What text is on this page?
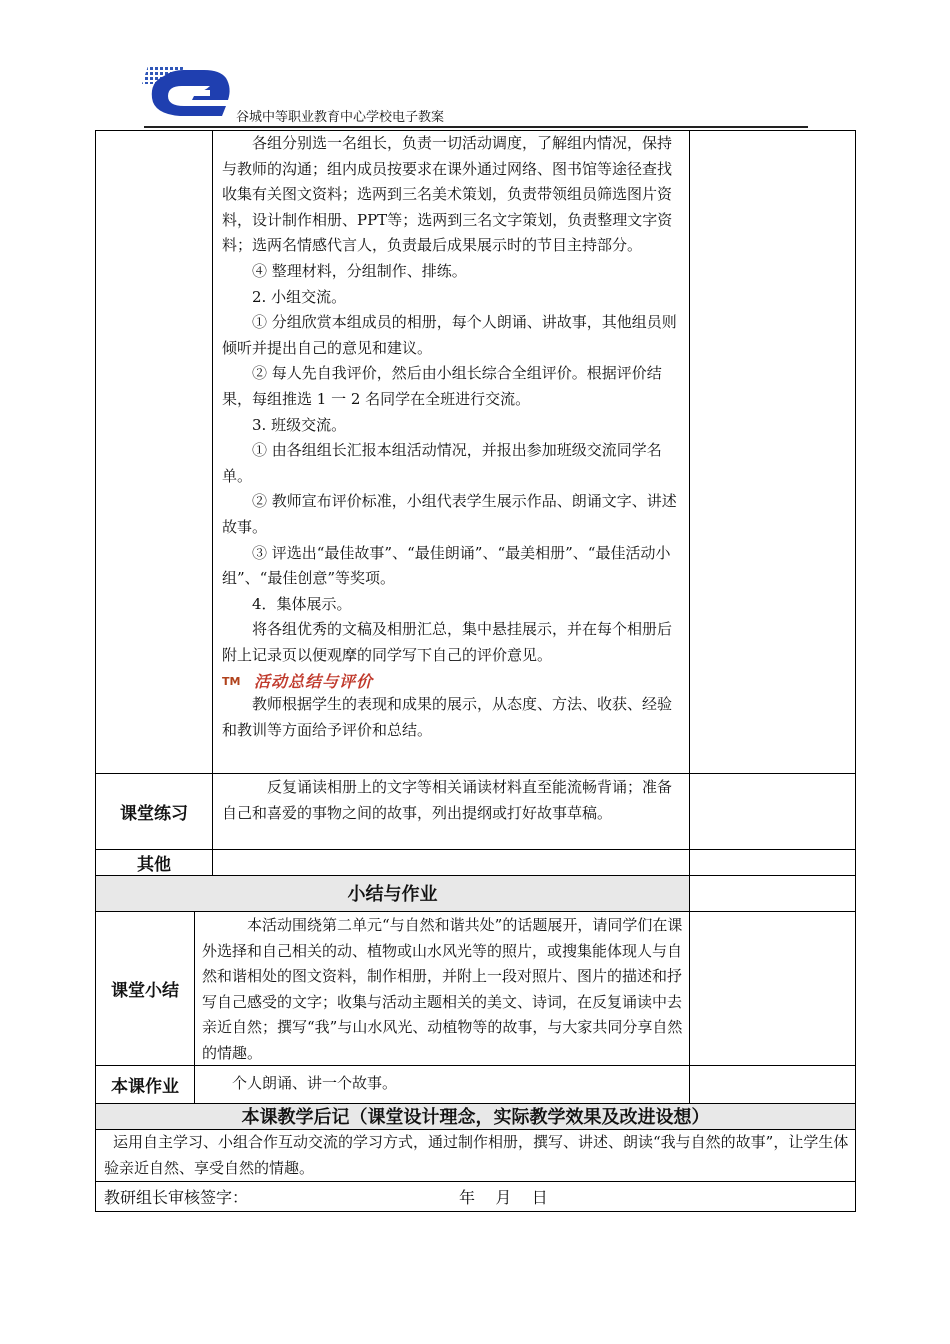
谷城中等职业教育中心学校电子教案

各组分别选一名组长，负责一切活动调度，了解组内情况，保持与教师的沟通；组内成员按要求在课外通过网络、图书馆等途径查找收集有关图文资料；选两到三名美术策划，负责带领组员筛选图片资料，设计制作相册、PPT等；选两到三名文字策划，负责整理文字资料；选两名情感代言人，负责最后成果展示时的节目主持部分。

④ 整理材料，分组制作、排练。

2. 小组交流。

① 分组欣赏本组成员的相册，每个人朗诵、讲故事，其他组员则倾听并提出自己的意见和建议。

② 每人先自我评价，然后由小组长综合全组评价。根据评价结果，每组推选 1 一 2 名同学在全班进行交流。

3. 班级交流。

① 由各组组长汇报本组活动情况，并报出参加班级交流同学名单。

② 教师宣布评价标准，小组代表学生展示作品、朗诵文字、讲述故事。

③ 评选出“最佳故事”、“最佳朗诵”、“最美相册”、“最佳活动小组”、“最佳创意”等奖项。

4．集体展示。

将各组优秀的文稿及相册汇总，集中悬挂展示，并在每个相册后附上记录页以便观摩的同学写下自己的评价意见。

TM 活动总结与评价

教师根据学生的表现和成果的展示，从态度、方法、收获、经验和教训等方面给予评价和总结。

课堂练习

反复诵读相册上的文字等相关诵读材料直至能流畅背诵；准备自己和喜爱的事物之间的故事，列出提纲或打好故事草稿。

其他
小结与作业
课堂小结

本活动围绕第二单元“与自然和谐共处”的话题展开，请同学们在课外选择和自己相关的动、植物或山水风光等的照片，或搜集能体现人与自然和谐相处的图文资料，制作相册，并附上一段对照片、图片的描述和抒写自己感受的文字；收集与活动主题相关的美文、诗词，在反复诵读中去亲近自然；撰写“我”与山水风光、动植物等的故事，与大家共同分享自然的情趣。

本课作业	个人朗诵、讲一个故事。

本课教学后记（课堂设计理念，实际教学效果及改进设想）

运用自主学习、小组合作互动交流的学习方式，通过制作相册，撰写、讲述、朗读“我与自然的故事”，让学生体验亲近自然、享受自然的情趣。

教研组长审核签字：	年    月    日
